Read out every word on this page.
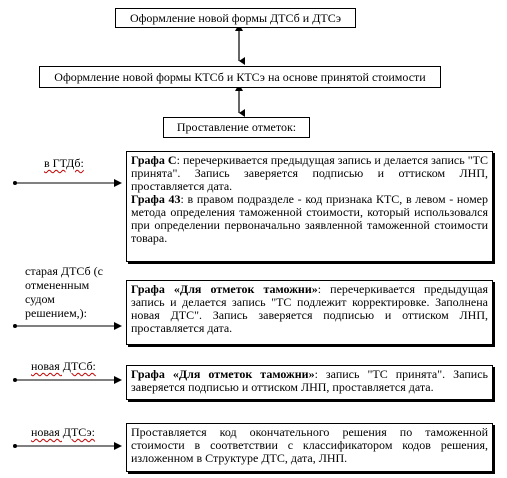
Оформление новой формы ДТСб и ДТСэ
Оформление новой формы КТСб и КТСэ на основе принятой стоимости
Проставление отметок:
в ГТДб:	Графа С: перечеркивается предыдущая запись и делается запись "ТС принята". Запись заверяется подписью и оттиском ЛНП, проставляется дата.

Графа 43: в правом подразделе - код признака КТС, в левом - номер метода определения таможенной стоимости, который использовался при определении первоначально заявленной таможенной стоимости товара.

старая ДТСб (с
отмененным
судом
решением,):

Графа «Для отметок таможни»: перечеркивается предыдущая запись и делается запись "ТС подлежит корректировке. Заполнена новая ДТС". Запись заверяется подписью и оттиском ЛНП, проставляется дата.

новая ДТСб:

Графа «Для отметок таможни»: запись "ТС принята". Запись заверяется подписью и оттиском ЛНП, проставляется дата.

новая ДТСэ:	Проставляется код окончательного решения по таможенной стоимости в соответствии с классификатором кодов решения, изложенном в Структуре ДТС, дата, ЛНП.
